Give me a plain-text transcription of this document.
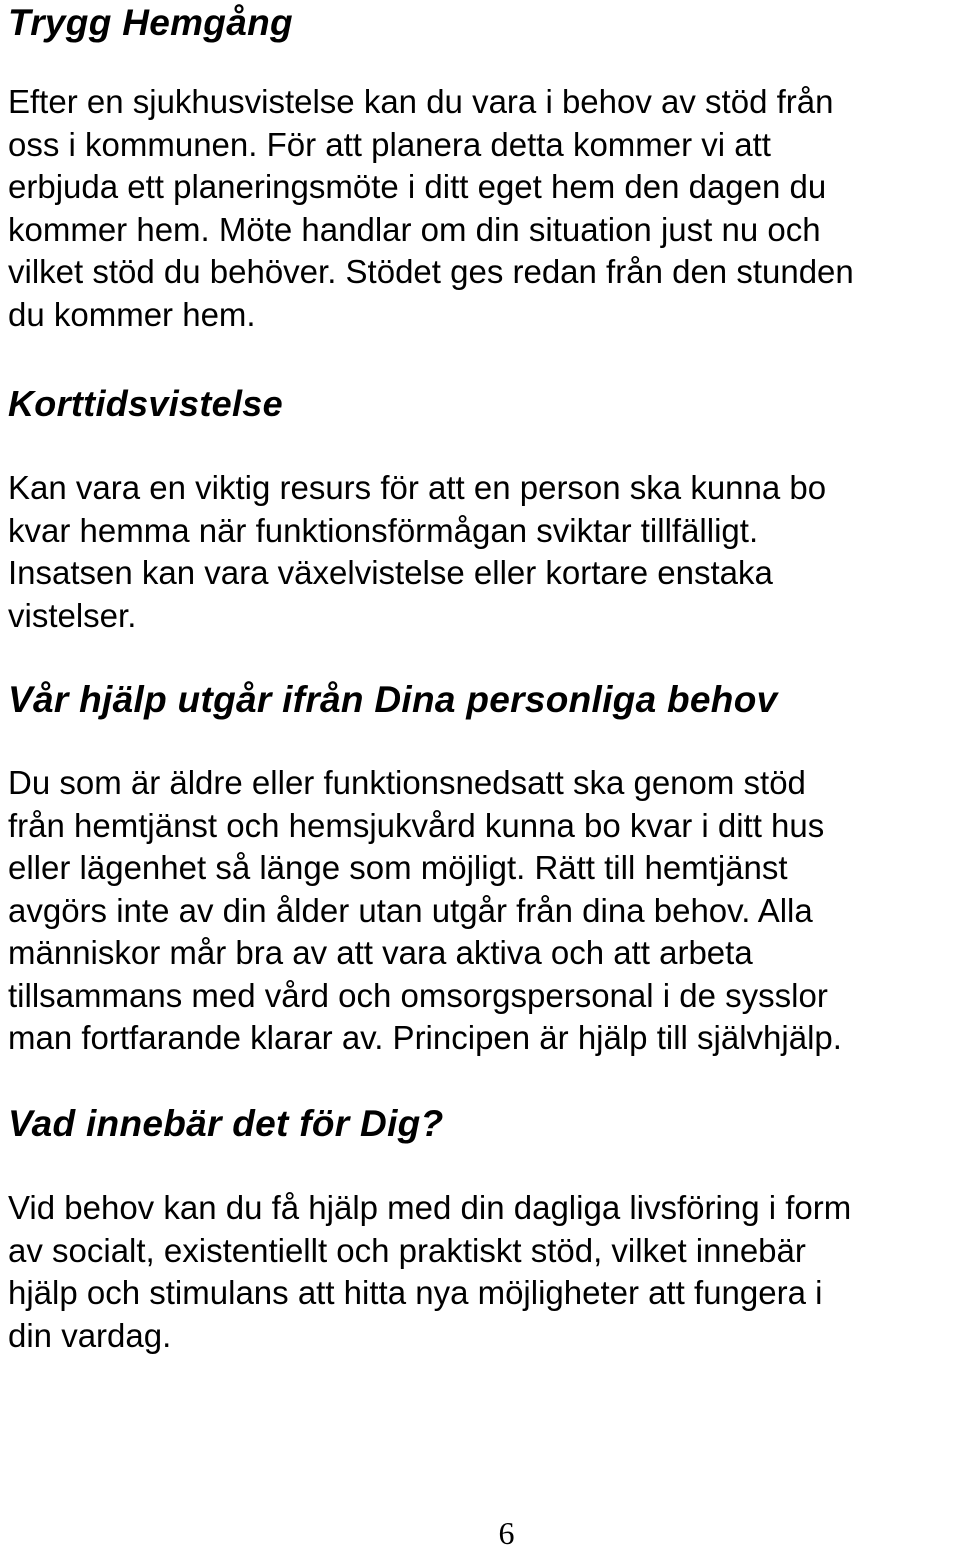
Trygg Hemgång

Efter en sjukhusvistelse kan du vara i behov av stöd från
oss i kommunen. För att planera detta kommer vi att
erbjuda ett planeringsmöte i ditt eget hem den dagen du
kommer hem. Möte handlar om din situation just nu och
vilket stöd du behöver. Stödet ges redan från den stunden
du kommer hem.

Korttidsvistelse

Kan vara en viktig resurs för att en person ska kunna bo
kvar hemma när funktionsförmågan sviktar tillfälligt.
Insatsen kan vara växelvistelse eller kortare enstaka
vistelser.

Vår hjälp utgår ifrån Dina personliga behov

Du som är äldre eller funktionsnedsatt ska genom stöd
från hemtjänst och hemsjukvård kunna bo kvar i ditt hus
eller lägenhet så länge som möjligt. Rätt till hemtjänst
avgörs inte av din ålder utan utgår från dina behov. Alla
människor mår bra av att vara aktiva och att arbeta
tillsammans med vård och omsorgspersonal i de sysslor
man fortfarande klarar av. Principen är hjälp till självhjälp.

Vad innebär det för Dig?

Vid behov kan du få hjälp med din dagliga livsföring i form
av socialt, existentiellt och praktiskt stöd, vilket innebär
hjälp och stimulans att hitta nya möjligheter att fungera i
din vardag.

6
